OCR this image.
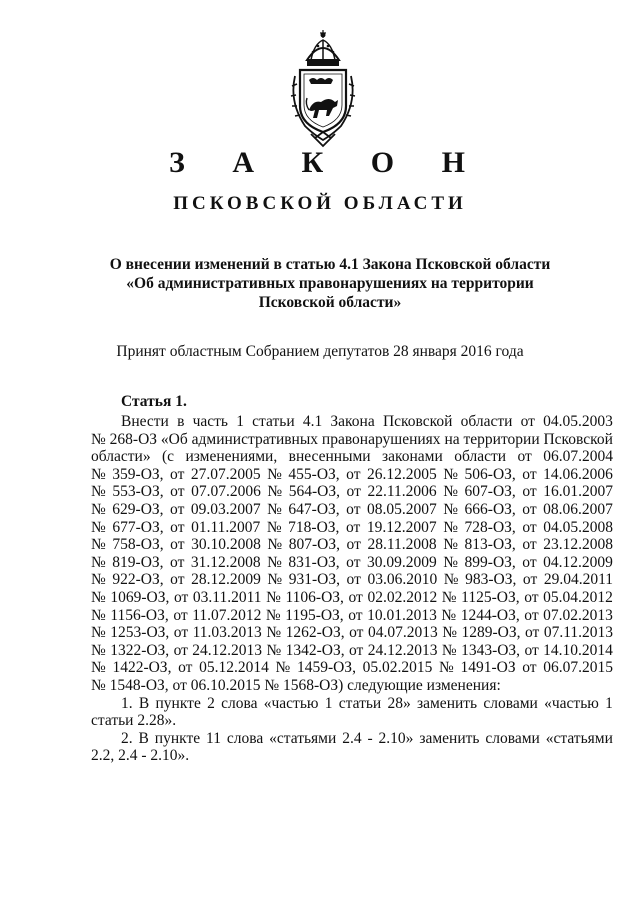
З А К О Н
ПСКОВСКОЙ ОБЛАСТИ
О внесении изменений в статью 4.1 Закона Псковской области
«Об административных правонарушениях на территории
Псковской области»
Принят областным Собранием депутатов 28 января 2016 года
Статья 1.
Внести в часть 1 статьи 4.1 Закона Псковской области от 04.05.2003
№ 268-ОЗ «Об административных правонарушениях на территории Псковской
области» (с изменениями, внесенными законами области от 06.07.2004
№ 359-ОЗ, от 27.07.2005 № 455-ОЗ, от 26.12.2005 № 506-ОЗ, от 14.06.2006
№ 553-ОЗ, от 07.07.2006 № 564-ОЗ, от 22.11.2006 № 607-ОЗ, от 16.01.2007
№ 629-ОЗ, от 09.03.2007 № 647-ОЗ, от 08.05.2007 № 666-ОЗ, от 08.06.2007
№ 677-ОЗ, от 01.11.2007 № 718-ОЗ, от 19.12.2007 № 728-ОЗ, от 04.05.2008
№ 758-ОЗ, от 30.10.2008 № 807-ОЗ, от 28.11.2008 № 813-ОЗ, от 23.12.2008
№ 819-ОЗ, от 31.12.2008 № 831-ОЗ, от 30.09.2009 № 899-ОЗ, от 04.12.2009
№ 922-ОЗ, от 28.12.2009 № 931-ОЗ, от 03.06.2010 № 983-ОЗ, от 29.04.2011
№ 1069-ОЗ, от 03.11.2011 № 1106-ОЗ, от 02.02.2012 № 1125-ОЗ, от 05.04.2012
№ 1156-ОЗ, от 11.07.2012 № 1195-ОЗ, от 10.01.2013 № 1244-ОЗ, от 07.02.2013
№ 1253-ОЗ, от 11.03.2013 № 1262-ОЗ, от 04.07.2013 № 1289-ОЗ, от 07.11.2013
№ 1322-ОЗ, от 24.12.2013 № 1342-ОЗ, от 24.12.2013 № 1343-ОЗ, от 14.10.2014
№ 1422-ОЗ, от 05.12.2014 № 1459-ОЗ, 05.02.2015 № 1491-ОЗ от 06.07.2015
№ 1548-ОЗ, от 06.10.2015 № 1568-ОЗ) следующие изменения:
1. В пункте 2 слова «частью 1 статьи 28» заменить словами «частью 1
статьи 2.28».
2. В пункте 11 слова «статьями 2.4 - 2.10» заменить словами «статьями
2.2, 2.4 - 2.10».
